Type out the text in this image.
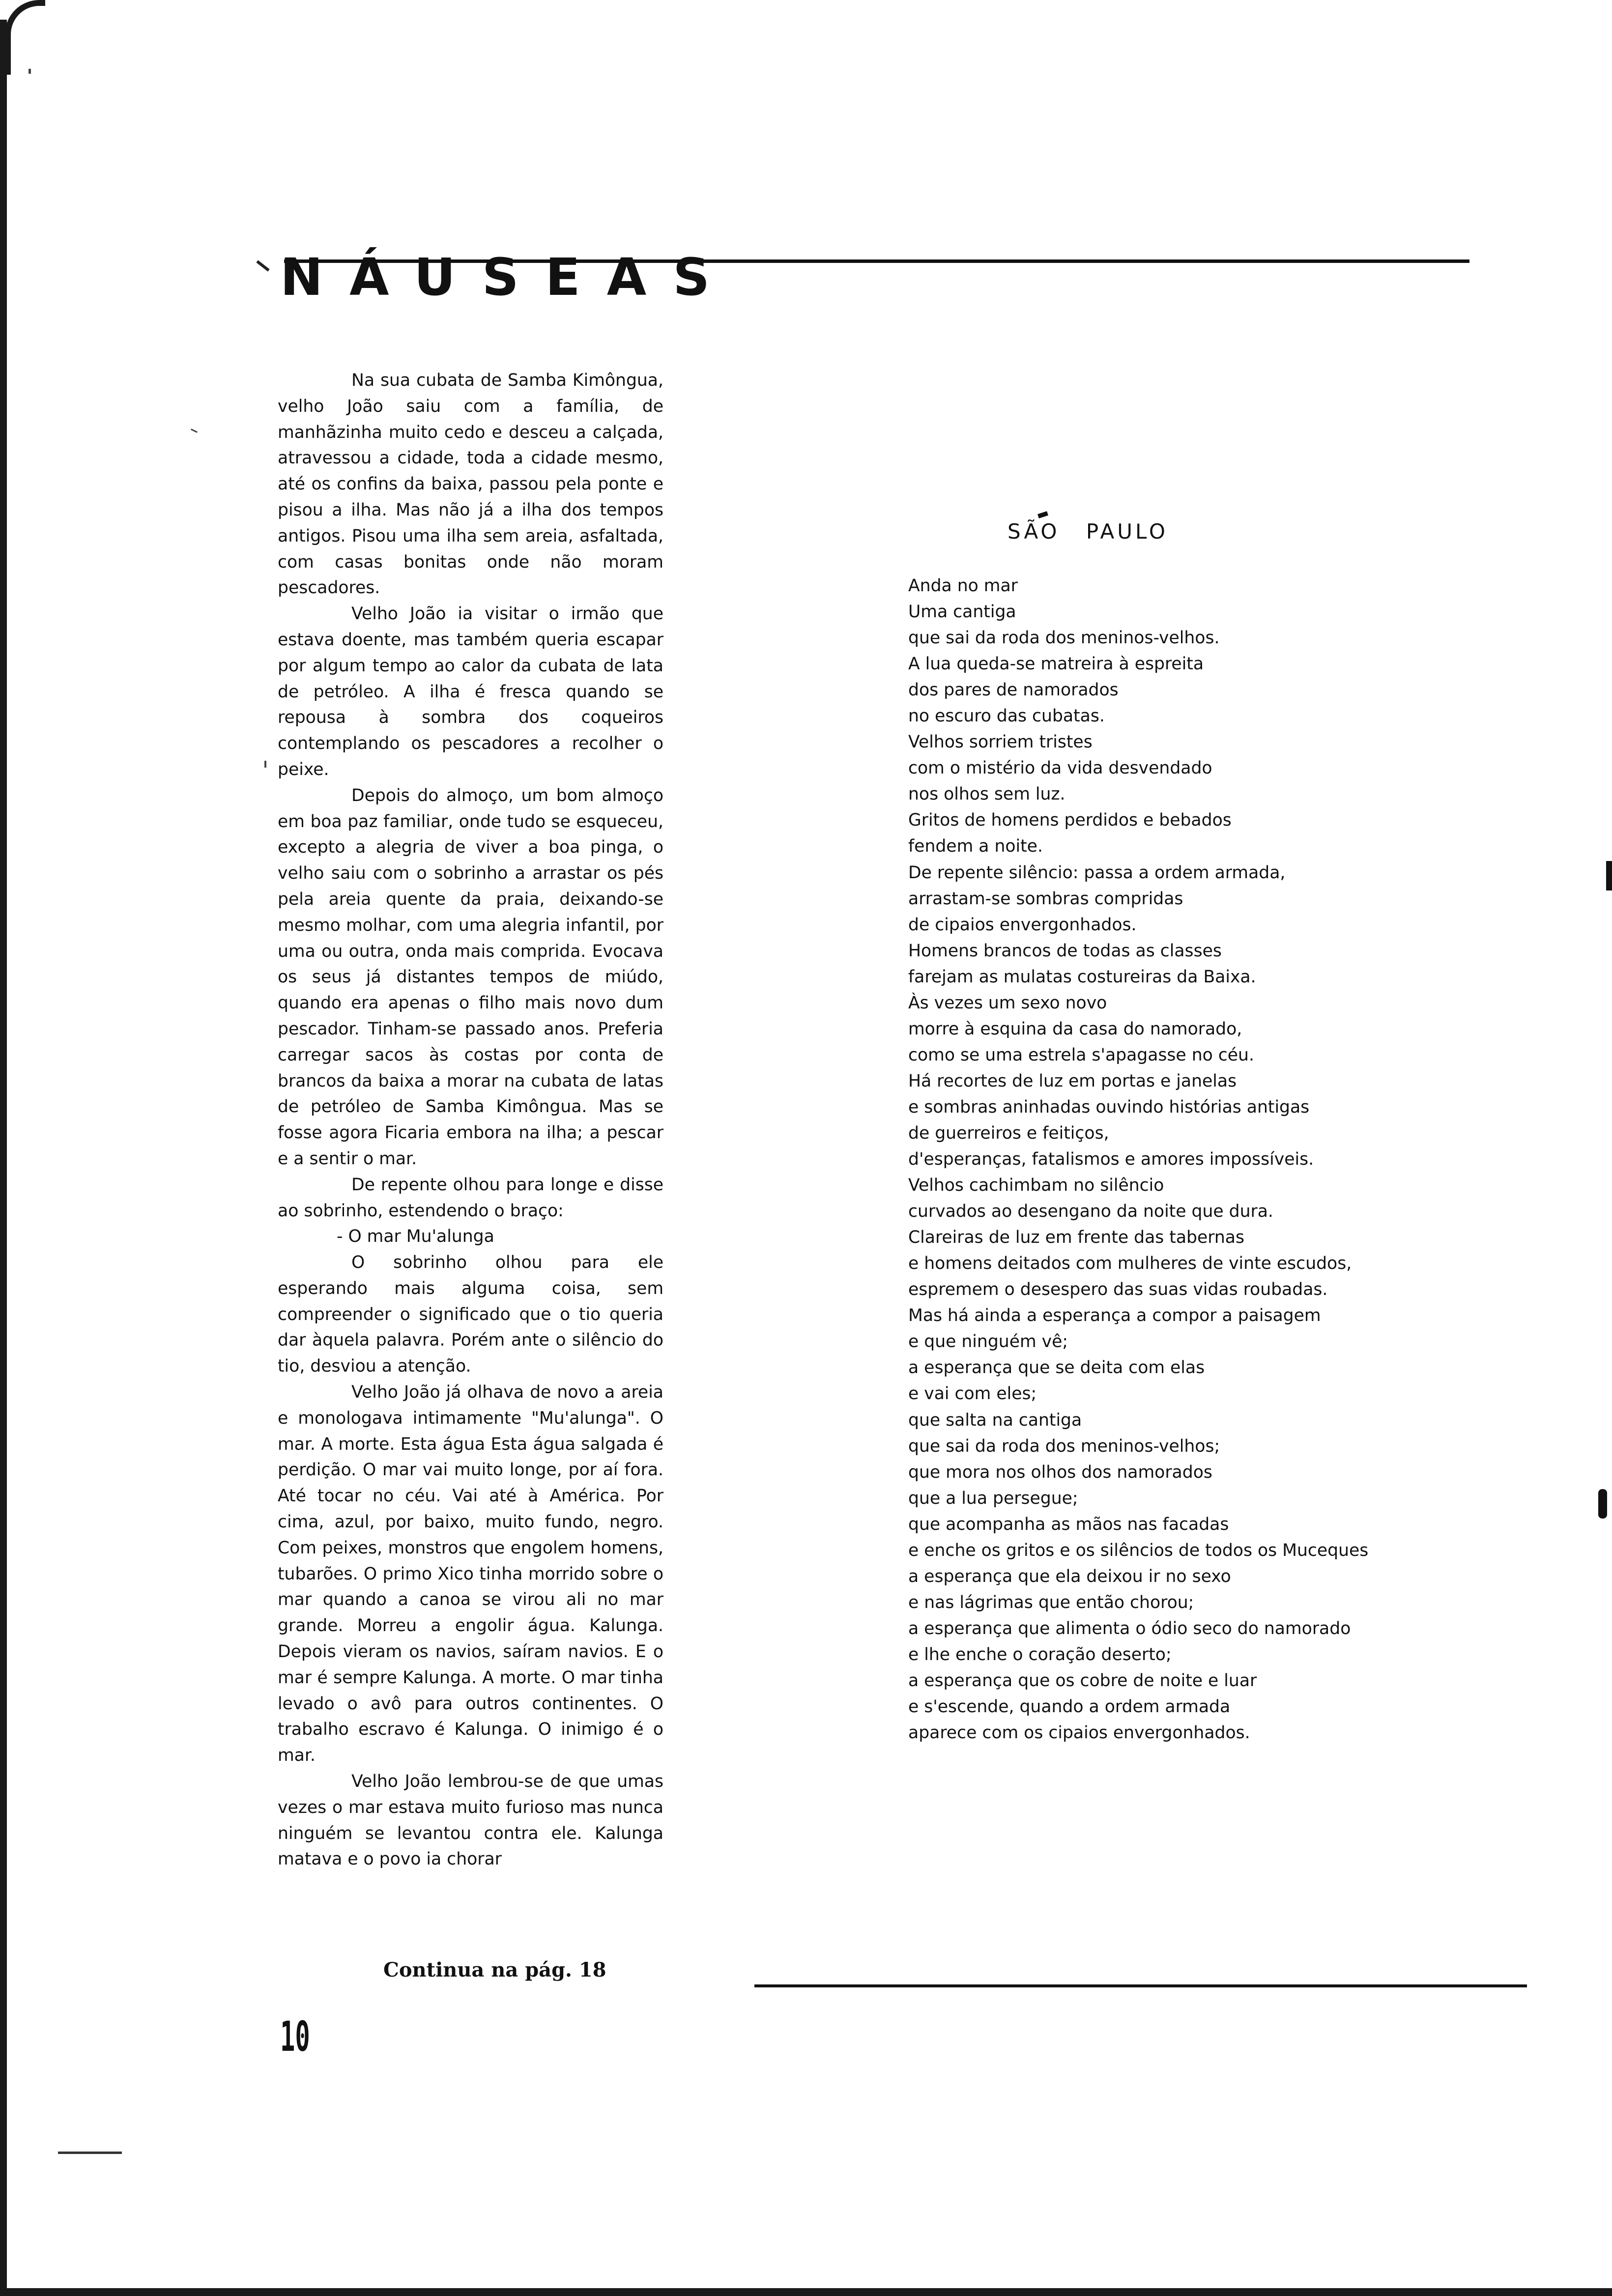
NÁUSEAS

Na sua cubata de Samba Kimôngua, velho João saiu com a família, de manhãzinha muito cedo e desceu a calçada, atravessou a cidade, toda a cidade mesmo, até os confins da baixa, passou pela ponte e pisou a ilha. Mas não já a ilha dos tempos antigos. Pisou uma ilha sem areia, asfaltada, com casas bonitas onde não moram pescadores.

Velho João ia visitar o irmão que estava doente, mas também queria escapar por algum tempo ao calor da cubata de lata de petróleo. A ilha é fresca quando se repousa à sombra dos coqueiros contemplando os pescadores a recolher o peixe.

Depois do almoço, um bom almoço em boa paz familiar, onde tudo se esqueceu, excepto a alegria de viver a boa pinga, o velho saiu com o sobrinho a arrastar os pés pela areia quente da praia, deixando-se mesmo molhar, com uma alegria infantil, por uma ou outra, onda mais comprida. Evocava os seus já distantes tempos de miúdo, quando era apenas o filho mais novo dum pescador. Tinham-se passado anos. Preferia carregar sacos às costas por conta de brancos da baixa a morar na cubata de latas de petróleo de Samba Kimôngua. Mas se fosse agora Ficaria embora na ilha; a pescar e a sentir o mar.

De repente olhou para longe e disse ao sobrinho, estendendo o braço:

- O mar Mu'alunga

O sobrinho olhou para ele esperando mais alguma coisa, sem compreender o significado que o tio queria dar àquela palavra. Porém ante o silêncio do tio, desviou a atenção.

Velho João já olhava de novo a areia e monologava intimamente "Mu'alunga". O mar. A morte. Esta água Esta água salgada é perdição. O mar vai muito longe, por aí fora. Até tocar no céu. Vai até à América. Por cima, azul, por baixo, muito fundo, negro. Com peixes, monstros que engolem homens, tubarões. O primo Xico tinha morrido sobre o mar quando a canoa se virou ali no mar grande. Morreu a engolir água. Kalunga. Depois vieram os navios, saíram navios. E o mar é sempre Kalunga. A morte. O mar tinha levado o avô para outros continentes. O trabalho escravo é Kalunga. O inimigo é o mar.

Velho João lembrou-se de que umas vezes o mar estava muito furioso mas nunca ninguém se levantou contra ele. Kalunga matava e o povo ia chorar

Continua na pág. 18
10
SÃO PAULO
Anda no mar
Uma cantiga
que sai da roda dos meninos-velhos.
A lua queda-se matreira à espreita
dos pares de namorados
no escuro das cubatas.
Velhos sorriem tristes
com o mistério da vida desvendado
nos olhos sem luz.
Gritos de homens perdidos e bebados
fendem a noite.
De repente silêncio: passa a ordem armada,
arrastam-se sombras compridas
de cipaios envergonhados.
Homens brancos de todas as classes
farejam as mulatas costureiras da Baixa.
Às vezes um sexo novo
morre à esquina da casa do namorado,
como se uma estrela s'apagasse no céu.
Há recortes de luz em portas e janelas
e sombras aninhadas ouvindo histórias antigas
de guerreiros e feitiços,
d'esperanças, fatalismos e amores impossíveis.
Velhos cachimbam no silêncio
curvados ao desengano da noite que dura.
Clareiras de luz em frente das tabernas
e homens deitados com mulheres de vinte escudos,
espremem o desespero das suas vidas roubadas.
Mas há ainda a esperança a compor a paisagem
e que ninguém vê;
a esperança que se deita com elas
e vai com eles;
que salta na cantiga
que sai da roda dos meninos-velhos;
que mora nos olhos dos namorados
que a lua persegue;
que acompanha as mãos nas facadas
e enche os gritos e os silêncios de todos os Muceques
a esperança que ela deixou ir no sexo
e nas lágrimas que então chorou;
a esperança que alimenta o ódio seco do namorado
e lhe enche o coração deserto;
a esperança que os cobre de noite e luar
e s'escende, quando a ordem armada
aparece com os cipaios envergonhados.
